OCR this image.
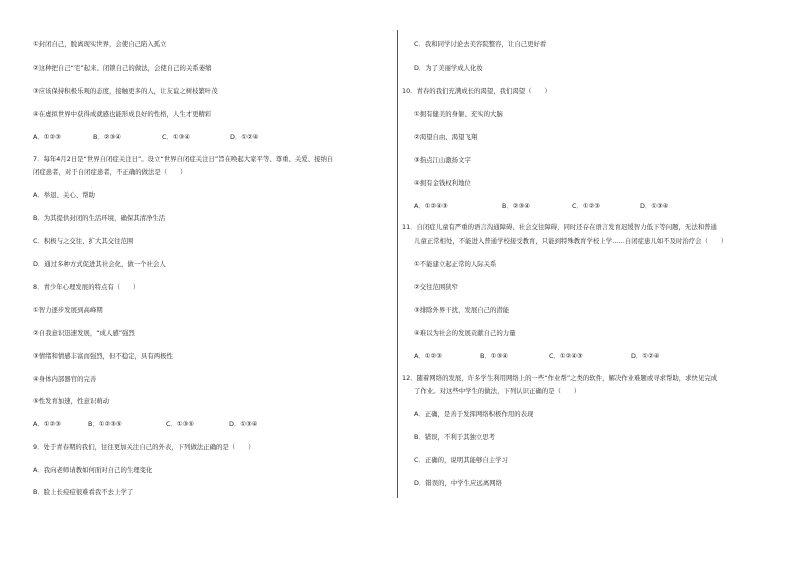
①封闭自己，脱离现实世界，会使自己陷入孤立
②这种把自己“宅”起来、闭锁自己的做法，会使自己的关系萎缩
③应该保持积极乐观的态度，接触更多的人，让友谊之树枝繁叶茂
④在虚拟世界中获得成就感也能形成良好的性格，人生才更精彩
A．①②③	B．②③④	C．①③④	D．①②④
7．每年4月2日是“世界自闭症关注日”。设立“世界自闭症关注日”旨在唤起大家平等、尊重、关爱、接纳自
闭症患者，对于自闭症患者，不正确的做法是（　　）
A．举退、关心、帮助
B．为其提供封闭的生活环境，确保其清净生活
C．积极与之交往，扩大其交往范围
D．通过多种方式促进其社会化，做一个社会人
8．青少年心理发展的特点有（　　）
①智力逐步发展到高峰期
②自我意识迅速发展，“成人感”强烈
③情绪和情感丰富而强烈，但不稳定，具有两极性
④身体内部器官的完善
⑤性发育加速，性意识萌动
A．①②③	B．①②③⑤	C．①③⑤	D．①③④
9．处于青春期的我们，往往更加关注自己的外表，下列做法正确的是（　　）
A．我向老师请教如何面对自己的生理变化
B．脸上长痘痘很难看我不去上学了
C．我和同学讨论去美容院整容，让自己更好看
D．为了美丽学成人化妆
10．青春的我们充满成长的渴望，我们渴望（　　）
①拥有健美的身躯、充实的大脑
②渴望自由、渴望飞翔
③指点江山激扬文字
④拥有金钱权利地位
A．①②④③	B．②③④	C．①②③	D．①③④
11．自闭症儿童有严重的语言沟通障碍、社会交往障碍，同时还存在语言发育迟缓智力低下等问题，无法和普通
儿童正常相处，不能进入普通学校接受教育，只能到特殊教育学校上学……自闭症患儿如不及时治疗会（　　）
①不能建立起正常的人际关系
②交往范围狭窄
③排除外界干扰，发展自己的潜能
④难以为社会的发展贡献自己的力量
A．①②③	B．①③④	C．①②④③	D．①②④
12．随着网络的发展，许多学生利用网络上的一些“作业帮”之类的软件，解决作业难题或寻求帮助，求快见完成
了作业。对这些中学生的做法，下列认识正确的是（　　）
A．正确，是善于发挥网络积极作用的表现
B．错误，不利于其独立思考
C．正确的，说明其能够自主学习
D．错误的，中学生应远离网络
